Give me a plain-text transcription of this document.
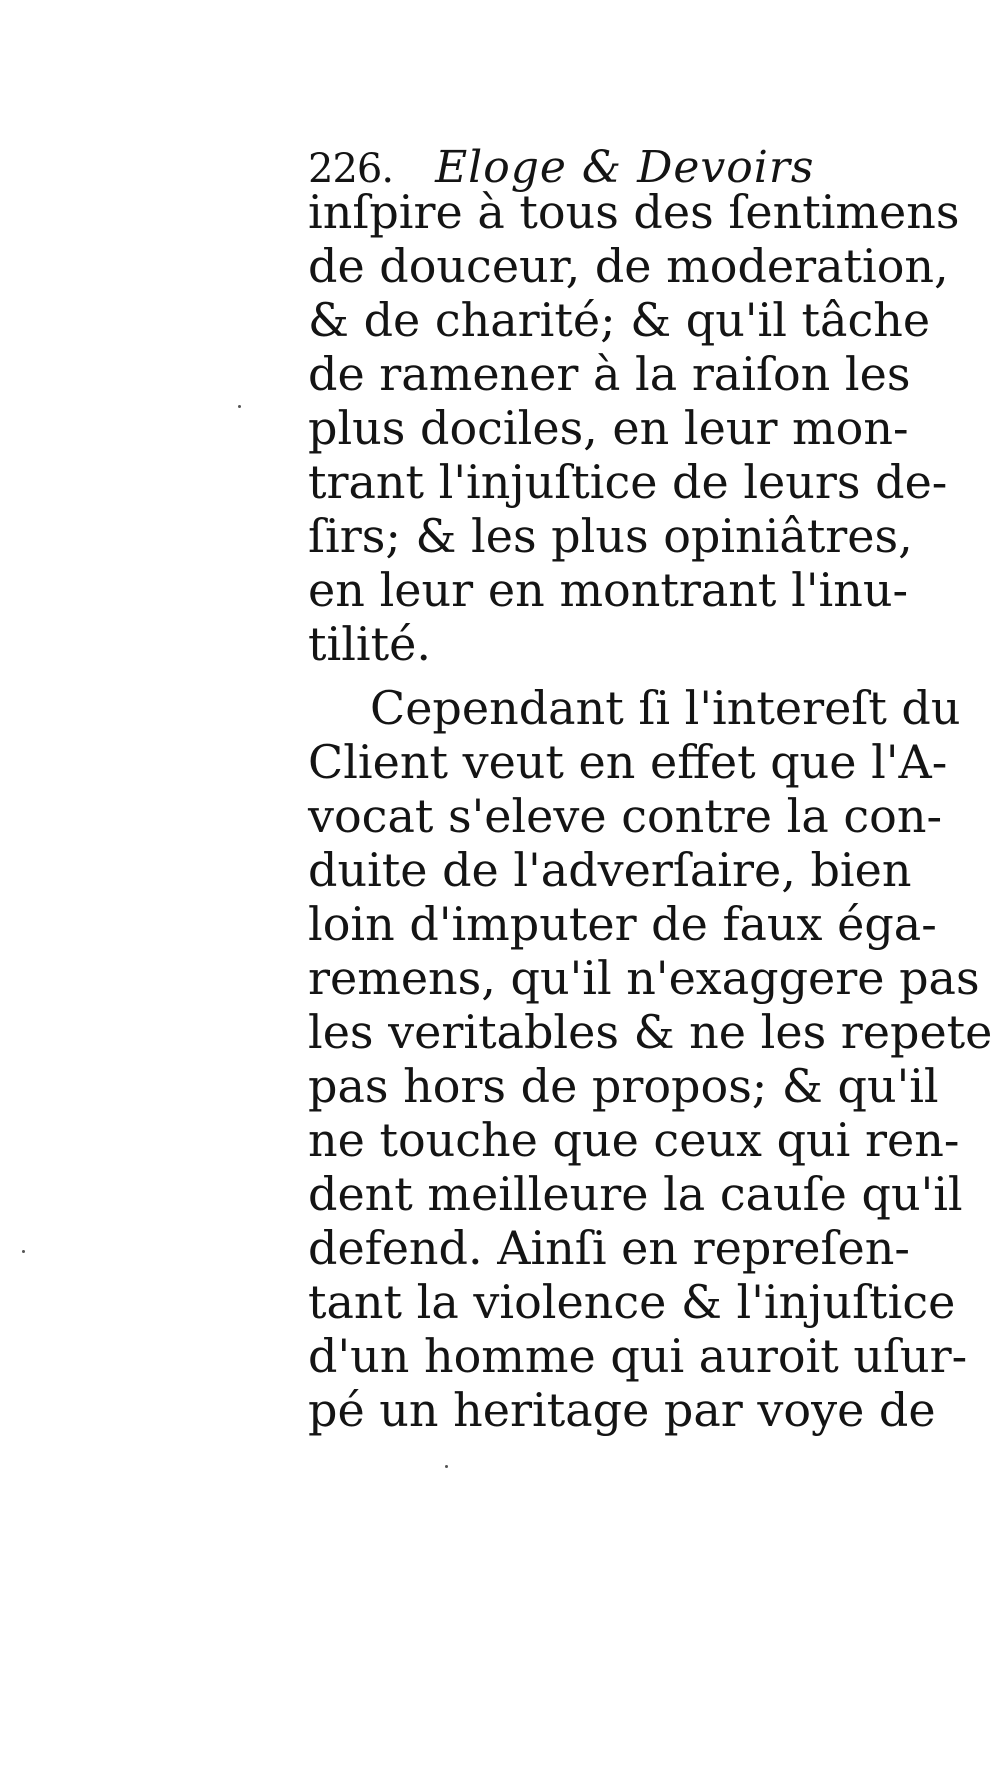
226. Eloge & Devoirs
inſpire à tous des ſentimens
de douceur, de moderation,
& de charité; & qu'il tâche
de ramener à la raiſon les
plus dociles, en leur mon-
trant l'injuſtice de leurs de-
ſirs; & les plus opiniâtres,
en leur en montrant l'inu-
tilité.
Cependant ſi l'intereſt du
Client veut en effet que l'A-
vocat s'eleve contre la con-
duite de l'adverſaire, bien
loin d'imputer de faux éga-
remens, qu'il n'exaggere pas
les veritables & ne les repete
pas hors de propos; & qu'il
ne touche que ceux qui ren-
dent meilleure la cauſe qu'il
defend. Ainſi en repreſen-
tant la violence & l'injuſtice
d'un homme qui auroit uſur-
pé un heritage par voye de
